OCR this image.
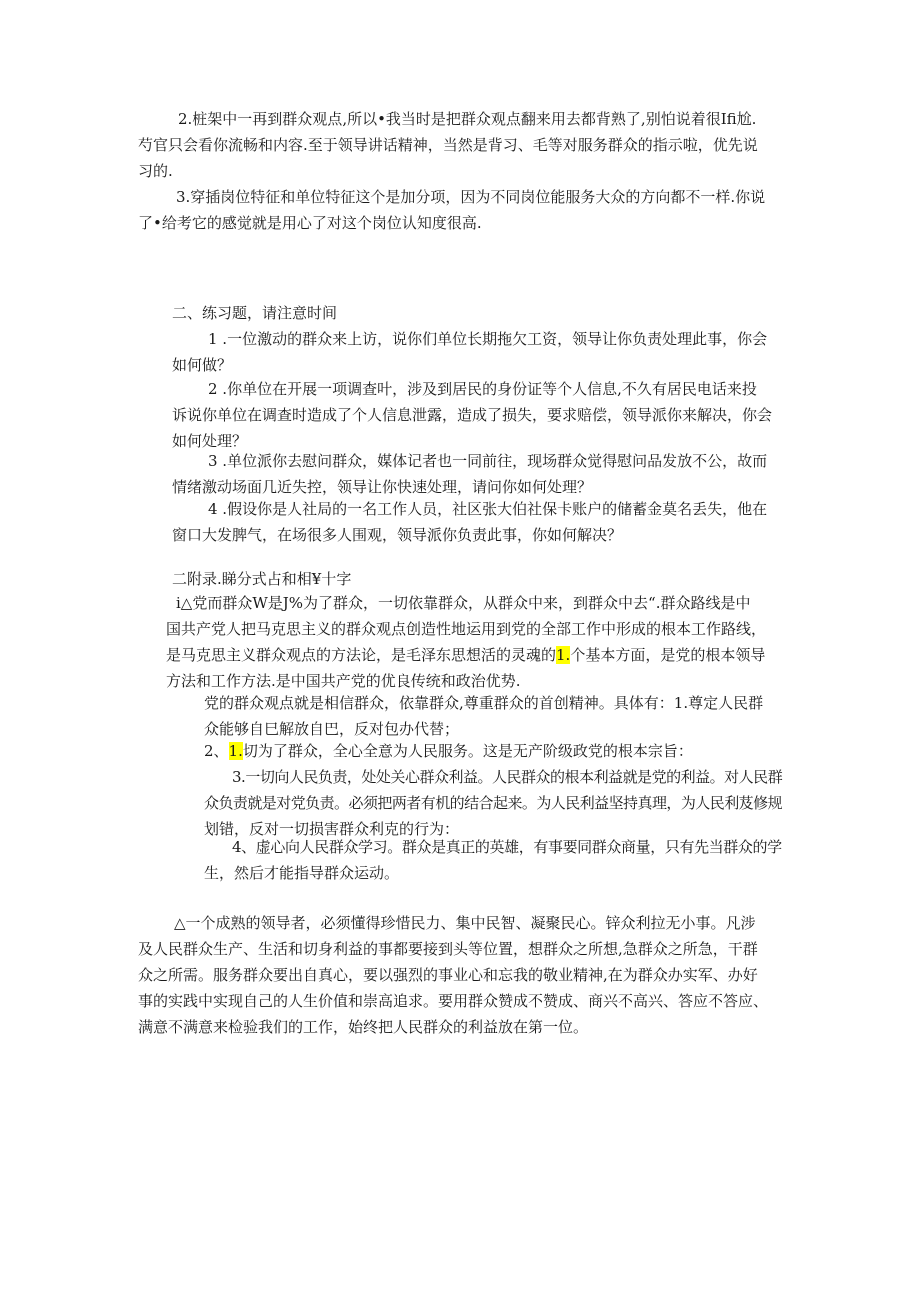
2.桩架中一再到群众观点,所以•我当时是把群众观点翻来用去都背熟了,别怕说着很Ifi尬.
芍官只会看你流畅和内容.至于领导讲话精神，当然是背习、毛等对服务群众的指示啦，优先说
习的.
3.穿插岗位特征和单位特征这个是加分项，因为不同岗位能服务大众的方向都不一样.你说
了•给考它的感觉就是用心了对这个岗位认知度很高.
二、练习题，请注意时间
1 .一位激动的群众来上访，说你们单位长期拖欠工资，领导让你负责处理此事，你会
如何做？
2 .你单位在开展一项调查叶，涉及到居民的身份证等个人信息,不久有居民电话来投
诉说你单位在调查时造成了个人信息泄露，造成了损失，要求赔偿，领导派你来解决，你会
如何处理？
3 .单位派你去慰问群众，媒体记者也一同前往，现场群众觉得慰问品发放不公，故而
情绪激动场面几近失控，领导让你快速处理，请问你如何处理？
4 .假设你是人社局的一名工作人员，社区张大伯社保卡账户的储蓄金莫名丢失，他在
窗口大发脾气，在场很多人围观，领导派你负责此事，你如何解决？
二附录.睇分式占和相¥十字
i△党而群众W是J%为了群众，一切依靠群众，从群众中来，到群众中去“.群众路线是中
国共产党人把马克思主义的群众观点创造性地运用到党的全部工作中形成的根本工作路线，
是马克思主义群众观点的方法论，是毛泽东思想活的灵魂的1.个基本方面，是党的根本领导
方法和工作方法.是中国共产党的优良传统和政治优势.
党的群众观点就是相信群众，依靠群众,尊重群众的首创精神。具体有：1.尊定人民群
众能够自巳解放自巴，反对包办代替；
2、1.切为了群众，全心全意为人民服务。这是无产阶级政党的根本宗旨：
3.一切向人民负责，处处关心群众利益。人民群众的根本利益就是党的利益。对人民群
众负责就是对党负责。必须把两者有机的结合起来。为人民利益坚持真理，为人民利芨修规
划错，反对一切损害群众利克的行为：
4、虚心向人民群众学习。群众是真正的英雄，有事要同群众商量，只有先当群众的学
生，然后才能指导群众运动。
△一个成熟的领导者，必须懂得珍惜民力、集中民智、凝聚民心。锌众利拉无小事。凡涉
及人民群众生产、生活和切身利益的事都要接到头等位置，想群众之所想,急群众之所急，干群
众之所需。服务群众要出自真心，要以强烈的事业心和忘我的敬业精神,在为群众办实军、办好
事的实践中实现自己的人生价值和崇高追求。要用群众赞成不赞成、商兴不高兴、答应不答应、
满意不满意来检验我们的工作，始终把人民群众的利益放在第一位。
